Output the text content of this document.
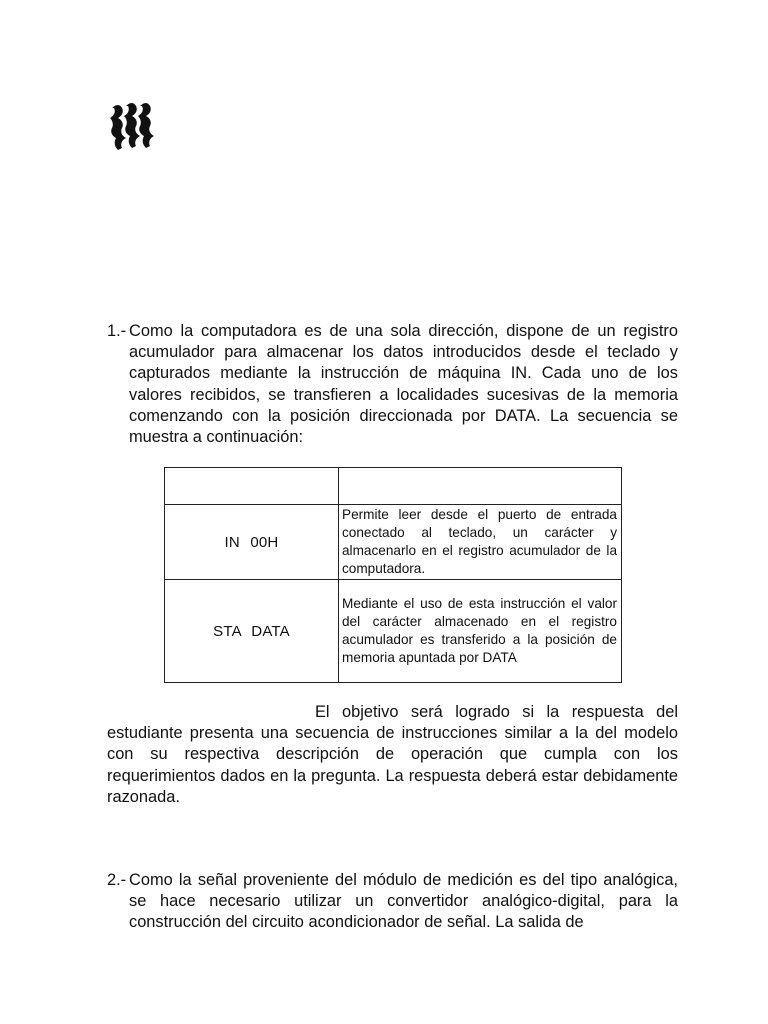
1.- Como la computadora es de una sola dirección, dispone de un registro acumulador para almacenar los datos introducidos desde el teclado y capturados mediante la instrucción de máquina IN. Cada uno de los valores recibidos, se transfieren a localidades sucesivas de la memoria comenzando con la posición direccionada por DATA. La secuencia se muestra a continuación:

IN 00H	Permite leer desde el puerto de entrada conectado al teclado, un carácter y almacenarlo en el registro acumulador de la computadora.
STA DATA	Mediante el uso de esta instrucción el valor del carácter almacenado en el registro acumulador es transferido a la posición de memoria apuntada por DATA

El objetivo será logrado si la respuesta del estudiante presenta una secuencia de instrucciones similar a la del modelo con su respectiva descripción de operación que cumpla con los requerimientos dados en la pregunta. La respuesta deberá estar debidamente razonada.

2.- Como la señal proveniente del módulo de medición es del tipo analógica, se hace necesario utilizar un convertidor analógico-digital, para la construcción del circuito acondicionador de señal. La salida de
